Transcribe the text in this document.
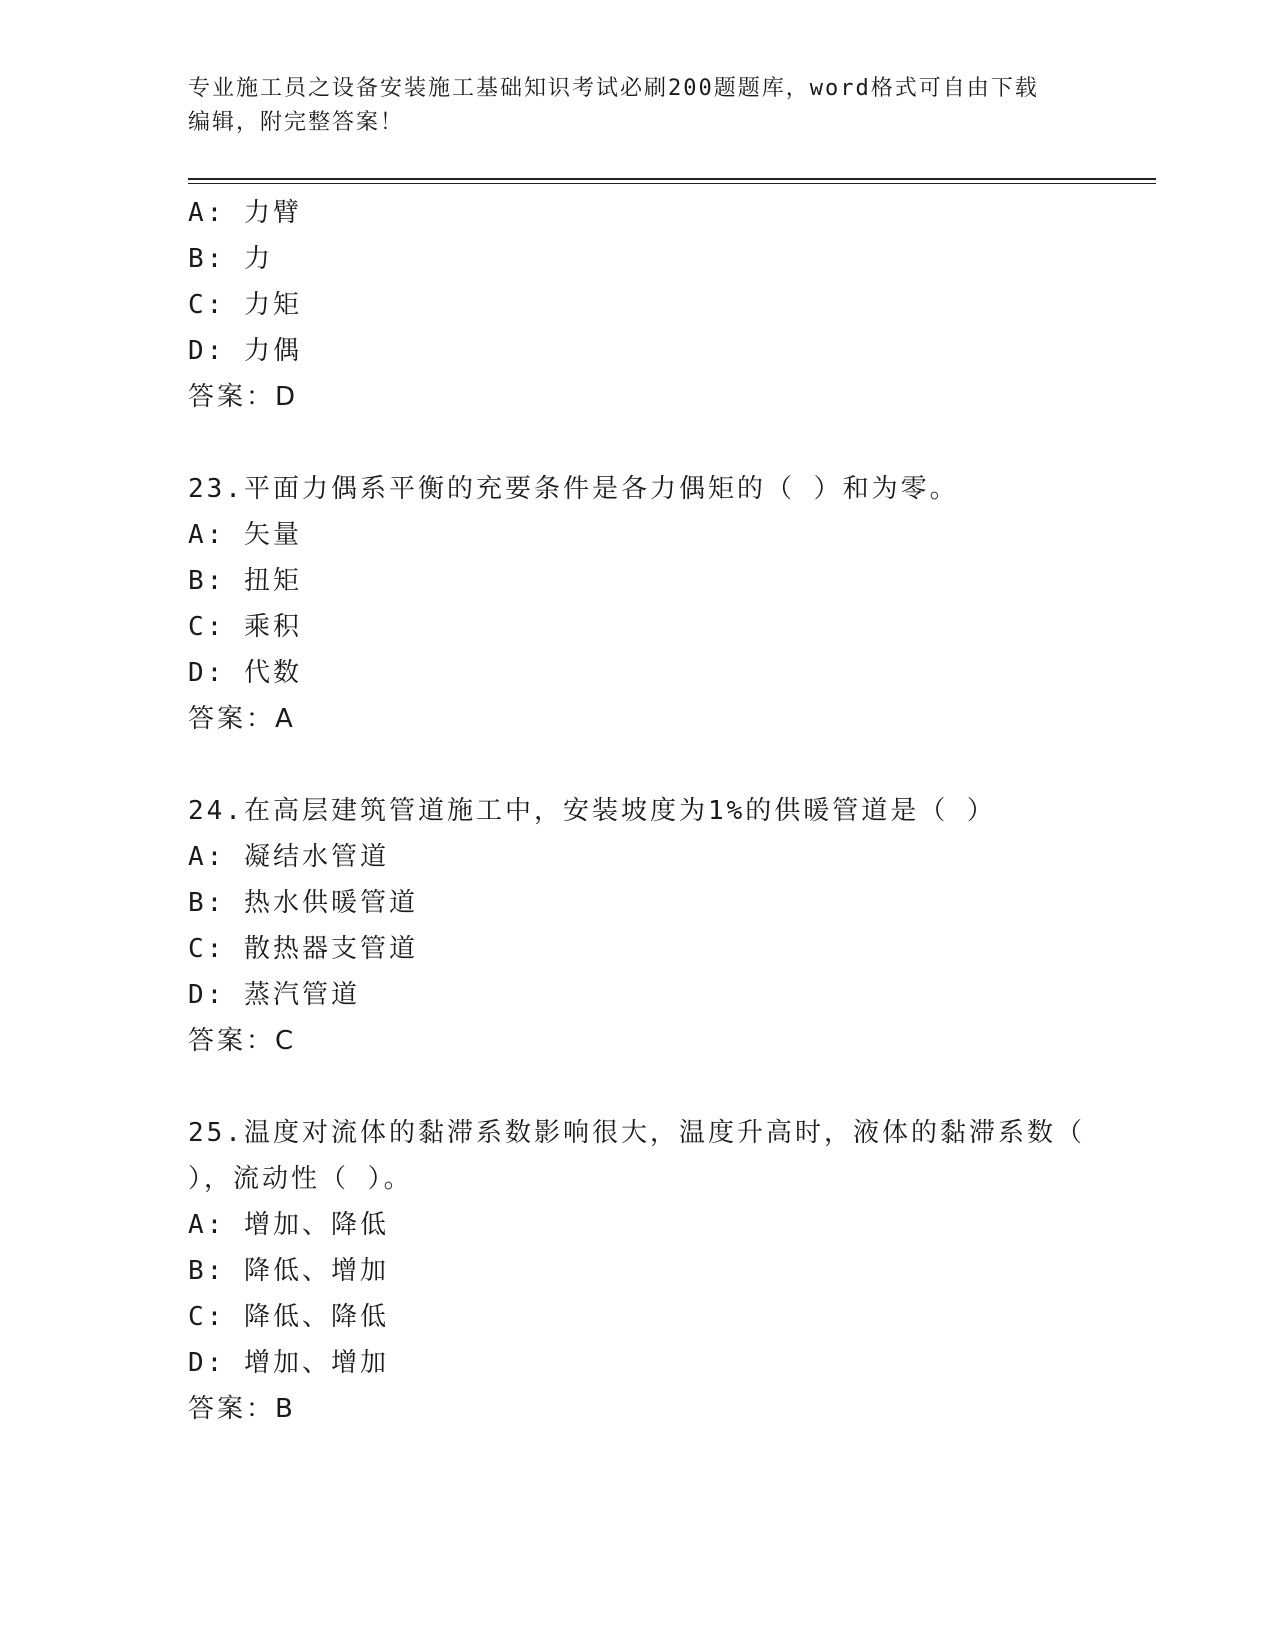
专业施工员之设备安装施工基础知识考试必刷200题题库，word格式可自由下载
编辑，附完整答案！
A: 力臂
B: 力
C: 力矩
D: 力偶
答案：D
23.平面力偶系平衡的充要条件是各力偶矩的（ ）和为零。
A: 矢量
B: 扭矩
C: 乘积
D: 代数
答案：A
24.在高层建筑管道施工中，安装坡度为1%的供暖管道是（ ）
A: 凝结水管道
B: 热水供暖管道
C: 散热器支管道
D: 蒸汽管道
答案：C
25.温度对流体的黏滞系数影响很大，温度升高时，液体的黏滞系数（
），流动性（ ）。
A: 增加、降低
B: 降低、增加
C: 降低、降低
D: 增加、增加
答案：B
